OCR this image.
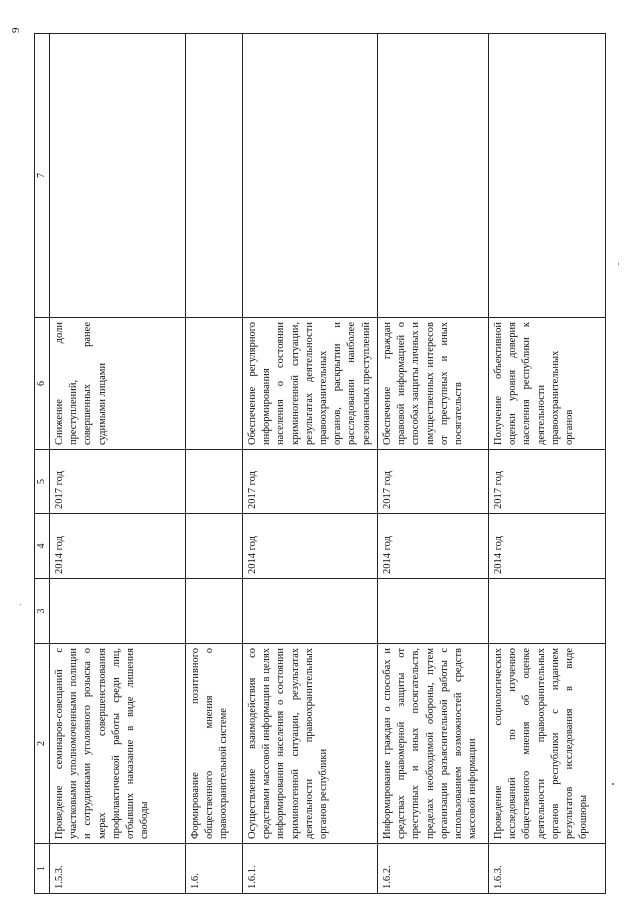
9
1	2	3	4	5	6	7
1.5.3.	Проведение семинаров-совещаний с участковыми уполномоченными полиции и сотрудниками уголовного розыска о мерах совершенствования профилактической работы среди лиц, отбывших наказание в виде лишения свободы		2014 год	2017 год	Снижение доли преступлений, совершенных ранее судимыми лицами	
1.6.	Формирование позитивного общественного мнения о правоохранительной системе					
1.6.1.	Осуществление взаимодействия со средствами массовой информации в целях информирования населения о состоянии криминогенной ситуации, результатах деятельности правоохранительных органов республики		2014 год	2017 год	Обеспечение регулярного информирования населения о состоянии криминогенной ситуации, результатах деятельности правоохранительных органов, раскрытии и расследовании наиболее резонансных преступлений	
1.6.2.	Информирование граждан о способах и средствах правомерной защиты от преступных и иных посягательств, пределах необходимой обороны, путем организации разъяснительной работы с использованием возможностей средств массовой информации		2014 год	2017 год	Обеспечение граждан правовой информацией о способах защиты личных и имущественных интересов от преступных и иных посягательств	
1.6.3.	Проведение социологических исследований по изучению общественного мнения об оценке деятельности правоохранительных органов республики с изданием результатов исследования в виде брошюры		2014 год	2017 год	Получение объективной оценки уровня доверия населения республики к деятельности правоохранительных органов	
